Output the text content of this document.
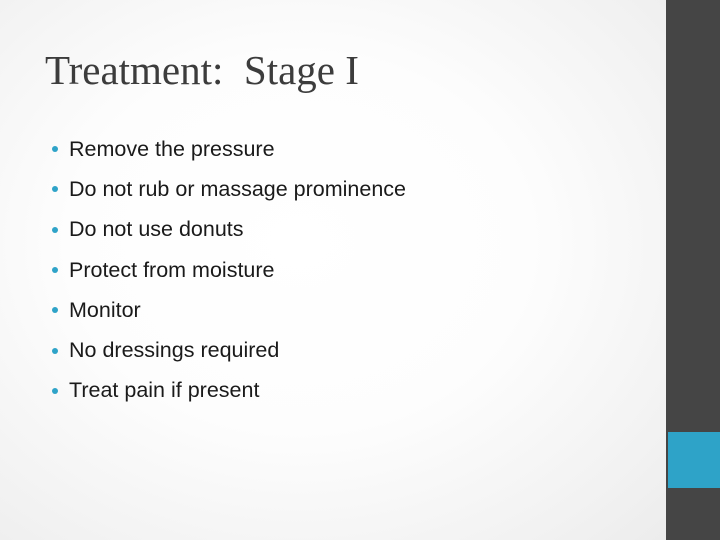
Treatment:  Stage I
Remove the pressure
Do not rub or massage prominence
Do not use donuts
Protect from moisture
Monitor
No dressings required
Treat pain if present
